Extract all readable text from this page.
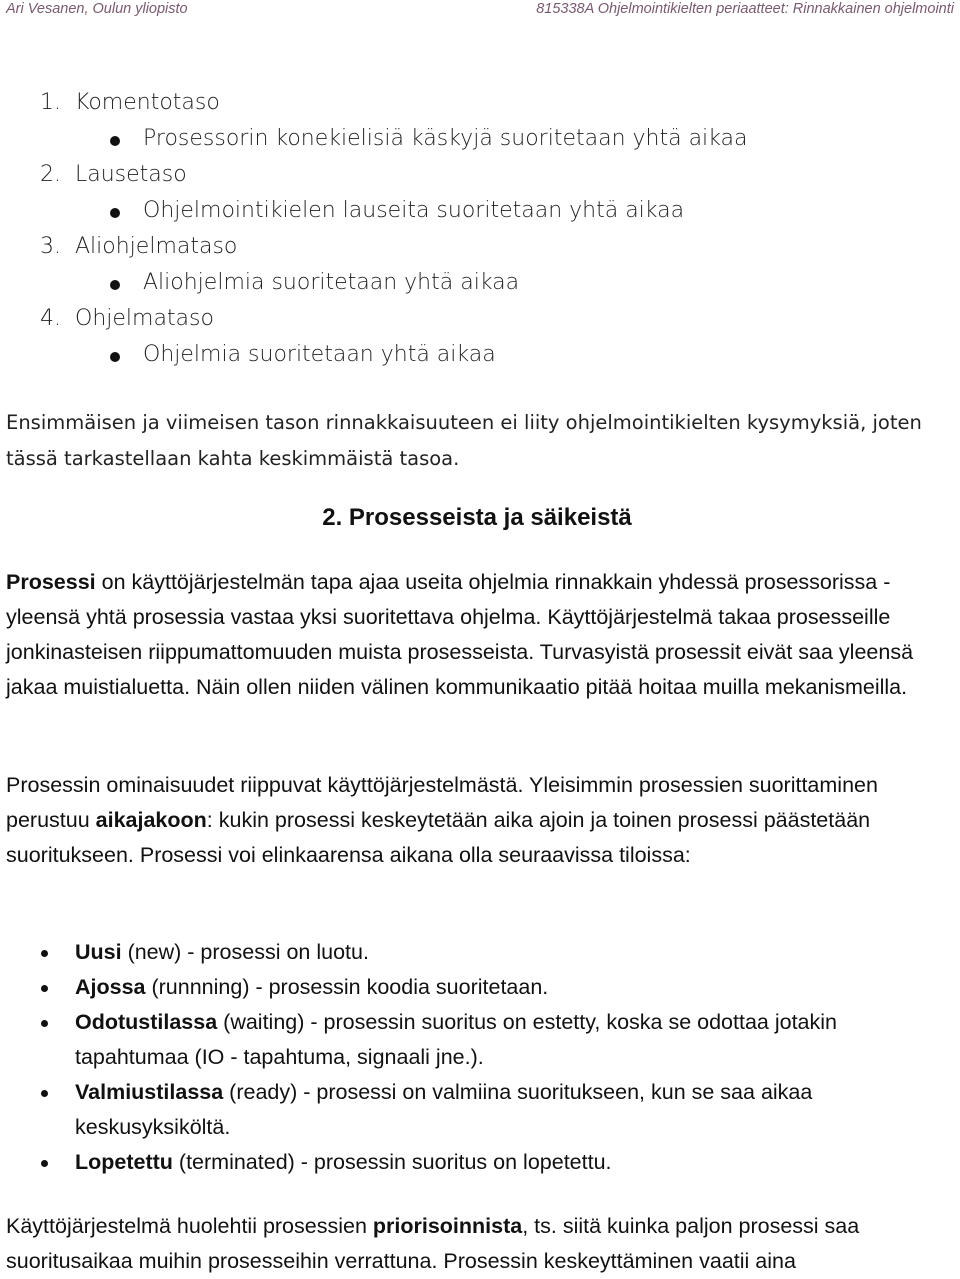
Ari Vesanen, Oulun yliopisto	815338A Ohjelmointikielten periaatteet: Rinnakkainen ohjelmointi
1. Komentotaso
Prosessorin konekielisiä käskyjä suoritetaan yhtä aikaa
2. Lausetaso
Ohjelmointikielen lauseita suoritetaan yhtä aikaa
3. Aliohjelmataso
Aliohjelmia suoritetaan yhtä aikaa
4. Ohjelmataso
Ohjelmia suoritetaan yhtä aikaa

Ensimmäisen ja viimeisen tason rinnakkaisuuteen ei liity ohjelmointikielten kysymyksiä, joten tässä tarkastellaan kahta keskimmäistä tasoa.

2. Prosesseista ja säikeistä

Prosessi on käyttöjärjestelmän tapa ajaa useita ohjelmia rinnakkain yhdessä prosessorissa - yleensä yhtä prosessia vastaa yksi suoritettava ohjelma. Käyttöjärjestelmä takaa prosesseille jonkinasteisen riippumattomuuden muista prosesseista. Turvasyistä prosessit eivät saa yleensä jakaa muistialuetta. Näin ollen niiden välinen kommunikaatio pitää hoitaa muilla mekanismeilla.

Prosessin ominaisuudet riippuvat käyttöjärjestelmästä. Yleisimmin prosessien suorittaminen perustuu aikajakoon: kukin prosessi keskeytetään aika ajoin ja toinen prosessi päästetään suoritukseen. Prosessi voi elinkaarensa aikana olla seuraavissa tiloissa:

Uusi (new) - prosessi on luotu.
Ajossa (runnning) - prosessin koodia suoritetaan.
Odotustilassa (waiting) - prosessin suoritus on estetty, koska se odottaa jotakin tapahtumaa (IO - tapahtuma, signaali jne.).
Valmiustilassa (ready) - prosessi on valmiina suoritukseen, kun se saa aikaa keskusyksiköltä.
Lopetettu (terminated) - prosessin suoritus on lopetettu.

Käyttöjärjestelmä huolehtii prosessien priorisoinnista, ts. siitä kuinka paljon prosessi saa suoritusaikaa muihin prosesseihin verrattuna. Prosessin keskeyttäminen vaatii aina
